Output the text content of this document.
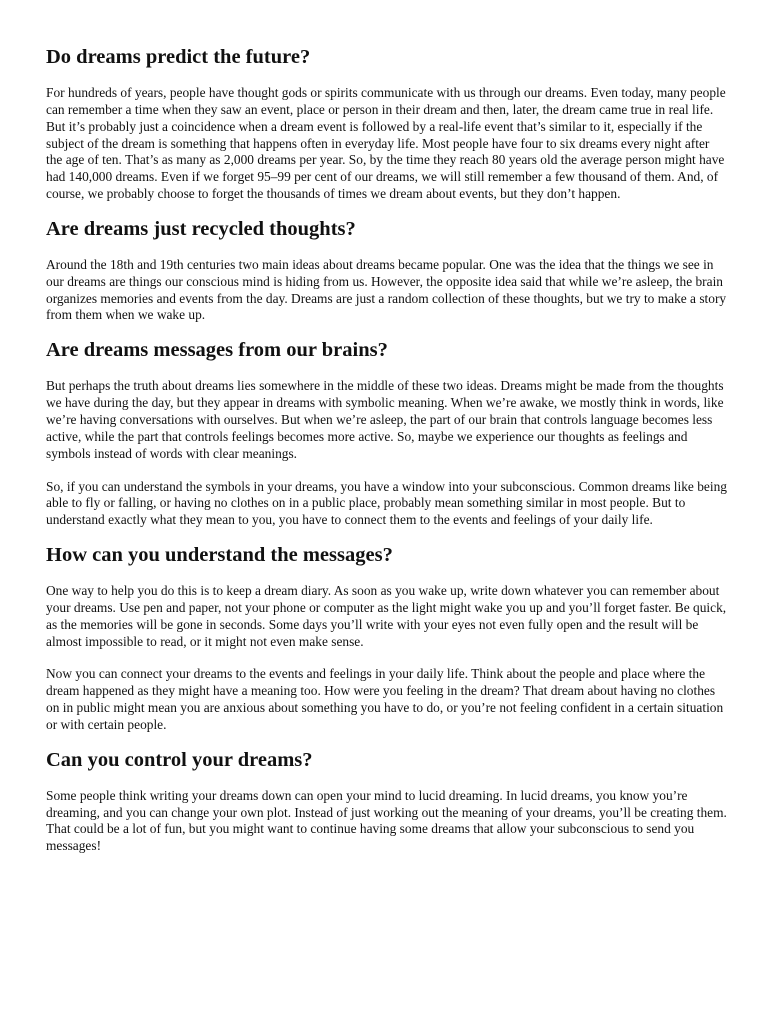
Do dreams predict the future?

For hundreds of years, people have thought gods or spirits communicate with us through our dreams. Even today, many people can remember a time when they saw an event, place or person in their dream and then, later, the dream came true in real life. But it’s probably just a coincidence when a dream event is followed by a real-life event that’s similar to it, especially if the subject of the dream is something that happens often in everyday life. Most people have four to six dreams every night after the age of ten. That’s as many as 2,000 dreams per year. So, by the time they reach 80 years old the average person might have had 140,000 dreams. Even if we forget 95–99 per cent of our dreams, we will still remember a few thousand of them. And, of course, we probably choose to forget the thousands of times we dream about events, but they don’t happen.

Are dreams just recycled thoughts?

Around the 18th and 19th centuries two main ideas about dreams became popular. One was the idea that the things we see in our dreams are things our conscious mind is hiding from us. However, the opposite idea said that while we’re asleep, the brain organizes memories and events from the day. Dreams are just a random collection of these thoughts, but we try to make a story from them when we wake up.

Are dreams messages from our brains?

But perhaps the truth about dreams lies somewhere in the middle of these two ideas. Dreams might be made from the thoughts we have during the day, but they appear in dreams with symbolic meaning. When we’re awake, we mostly think in words, like we’re having conversations with ourselves. But when we’re asleep, the part of our brain that controls language becomes less active, while the part that controls feelings becomes more active. So, maybe we experience our thoughts as feelings and symbols instead of words with clear meanings.

So, if you can understand the symbols in your dreams, you have a window into your subconscious. Common dreams like being able to fly or falling, or having no clothes on in a public place, probably mean something similar in most people. But to understand exactly what they mean to you, you have to connect them to the events and feelings of your daily life.

How can you understand the messages?

One way to help you do this is to keep a dream diary. As soon as you wake up, write down whatever you can remember about your dreams. Use pen and paper, not your phone or computer as the light might wake you up and you’ll forget faster. Be quick, as the memories will be gone in seconds. Some days you’ll write with your eyes not even fully open and the result will be almost impossible to read, or it might not even make sense.

Now you can connect your dreams to the events and feelings in your daily life. Think about the people and place where the dream happened as they might have a meaning too. How were you feeling in the dream? That dream about having no clothes on in public might mean you are anxious about something you have to do, or you’re not feeling confident in a certain situation or with certain people.

Can you control your dreams?

Some people think writing your dreams down can open your mind to lucid dreaming. In lucid dreams, you know you’re dreaming, and you can change your own plot. Instead of just working out the meaning of your dreams, you’ll be creating them. That could be a lot of fun, but you might want to continue having some dreams that allow your subconscious to send you messages!
